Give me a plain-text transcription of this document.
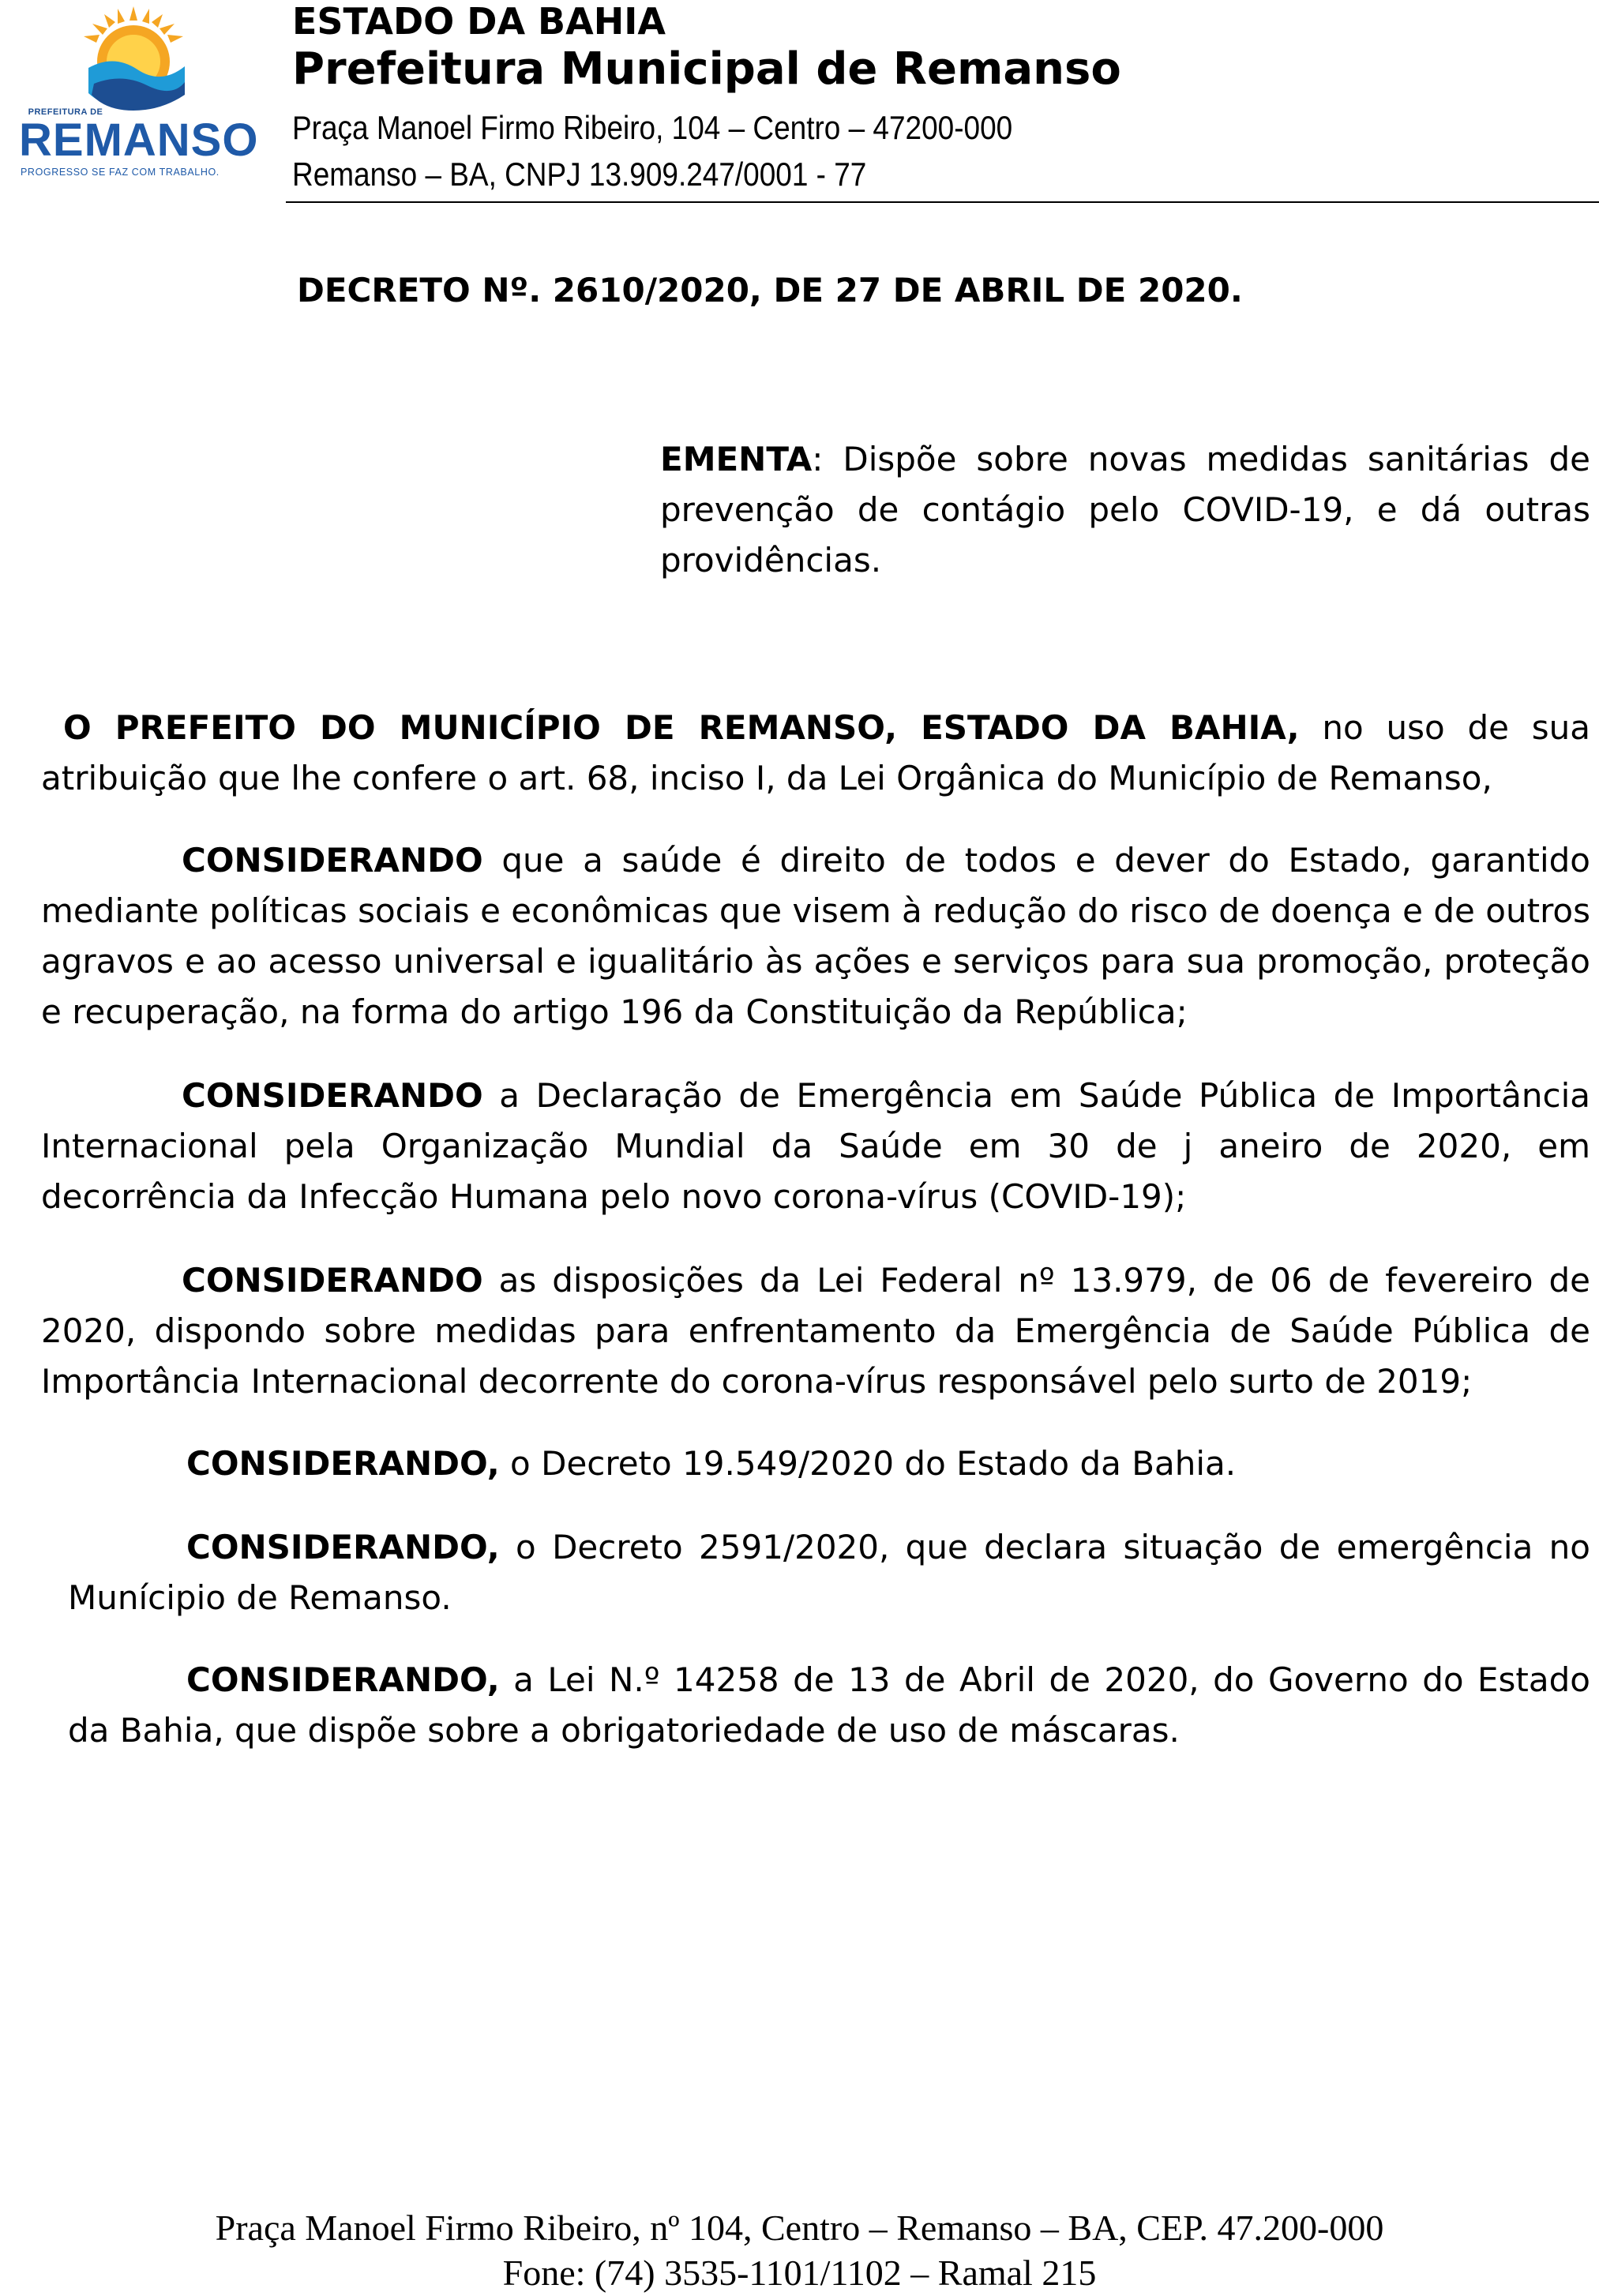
PREFEITURA DE
REMANSO
PROGRESSO SE FAZ COM TRABALHO.
ESTADO DA BAHIA
Prefeitura Municipal de Remanso
Praça Manoel Firmo Ribeiro, 104 – Centro – 47200-000
Remanso – BA, CNPJ 13.909.247/0001 - 77
DECRETO Nº. 2610/2020, DE 27 DE ABRIL DE 2020.
EMENTA: Dispõe sobre novas medidas sanitárias de prevenção de contágio pelo COVID-19, e dá outras providências.
O PREFEITO DO MUNICÍPIO DE REMANSO, ESTADO DA BAHIA, no uso de sua atribuição que lhe confere o art. 68, inciso I, da Lei Orgânica do Município de Remanso,
CONSIDERANDO que a saúde é direito de todos e dever do Estado, garantido mediante políticas sociais e econômicas que visem à redução do risco de doença e de outros agravos e ao acesso universal e igualitário às ações e serviços para sua promoção, proteção e recuperação, na forma do artigo 196 da Constituição da República;
CONSIDERANDO a Declaração de Emergência em Saúde Pública de Importância Internacional pela Organização Mundial da Saúde em 30 de j aneiro de 2020, em decorrência da Infecção Humana pelo novo corona-vírus (COVID-19);
CONSIDERANDO as disposições da Lei Federal nº 13.979, de 06 de fevereiro de 2020, dispondo sobre medidas para enfrentamento da Emergência de Saúde Pública de Importância Internacional decorrente do corona-vírus responsável pelo surto de 2019;
CONSIDERANDO, o Decreto 19.549/2020 do Estado da Bahia.
CONSIDERANDO, o Decreto 2591/2020, que declara situação de emergência no Munícipio de Remanso.
CONSIDERANDO, a Lei N.º 14258 de 13 de Abril de 2020, do Governo do Estado da Bahia, que dispõe sobre a obrigatoriedade de uso de máscaras.
Praça Manoel Firmo Ribeiro, nº 104, Centro – Remanso – BA, CEP. 47.200-000
Fone: (74) 3535-1101/1102 – Ramal 215
